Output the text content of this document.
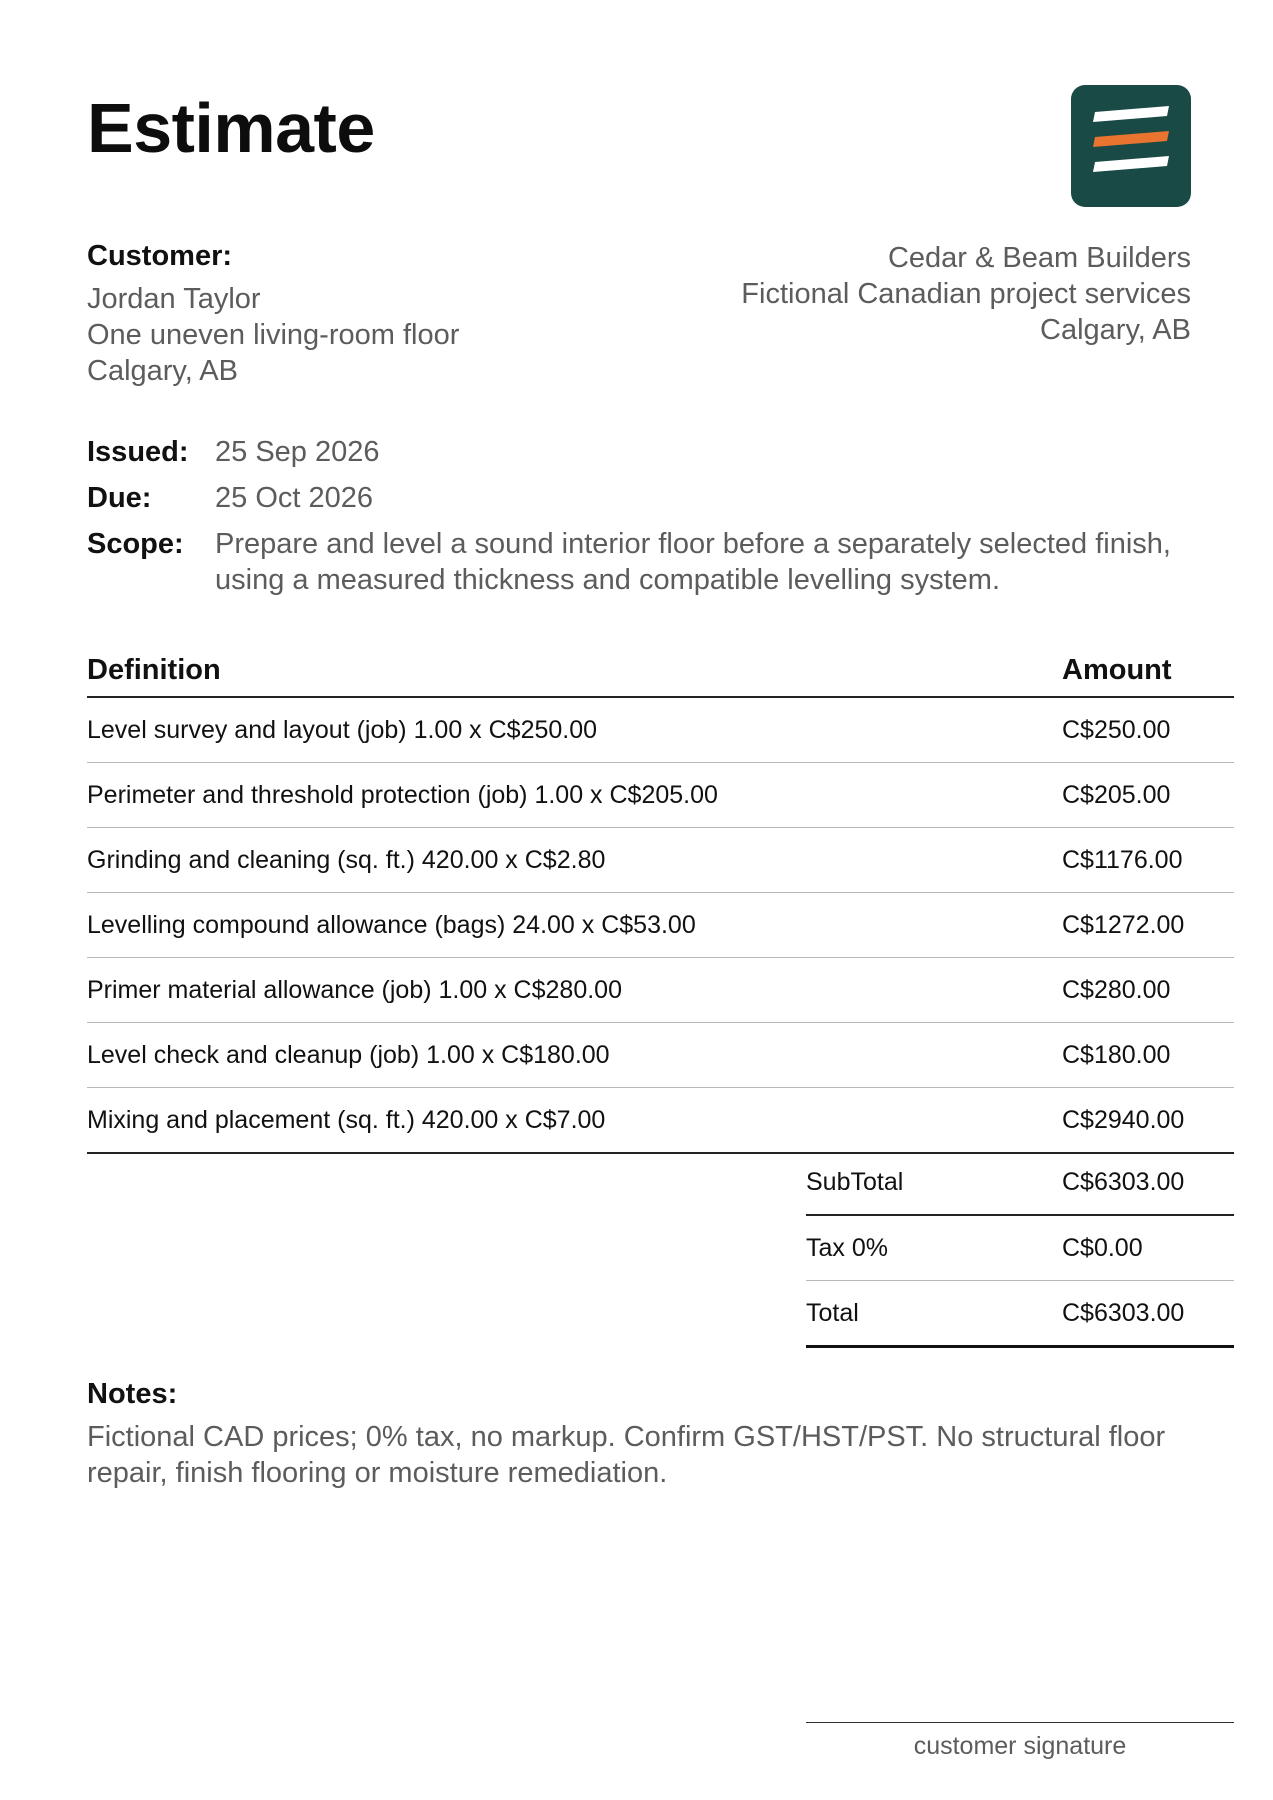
Estimate
Customer:
Jordan Taylor
One uneven living-room floor
Calgary, AB
Cedar & Beam Builders
Fictional Canadian project services
Calgary, AB
Issued: 25 Sep 2026
Due:	25 Oct 2026
Scope:	Prepare and level a sound interior floor before a separately selected finish, using a measured thickness and compatible levelling system.
Definition	Amount
Level survey and layout (job) 1.00 x C$250.00	C$250.00
Perimeter and threshold protection (job) 1.00 x C$205.00	C$205.00
Grinding and cleaning (sq. ft.) 420.00 x C$2.80	C$1176.00
Levelling compound allowance (bags) 24.00 x C$53.00	C$1272.00
Primer material allowance (job) 1.00 x C$280.00	C$280.00
Level check and cleanup (job) 1.00 x C$180.00	C$180.00
Mixing and placement (sq. ft.) 420.00 x C$7.00	C$2940.00
SubTotal	C$6303.00
Tax 0%	C$0.00
Total	C$6303.00
Notes:
Fictional CAD prices; 0% tax, no markup. Confirm GST/HST/PST. No structural floor repair, finish flooring or moisture remediation.
customer signature
